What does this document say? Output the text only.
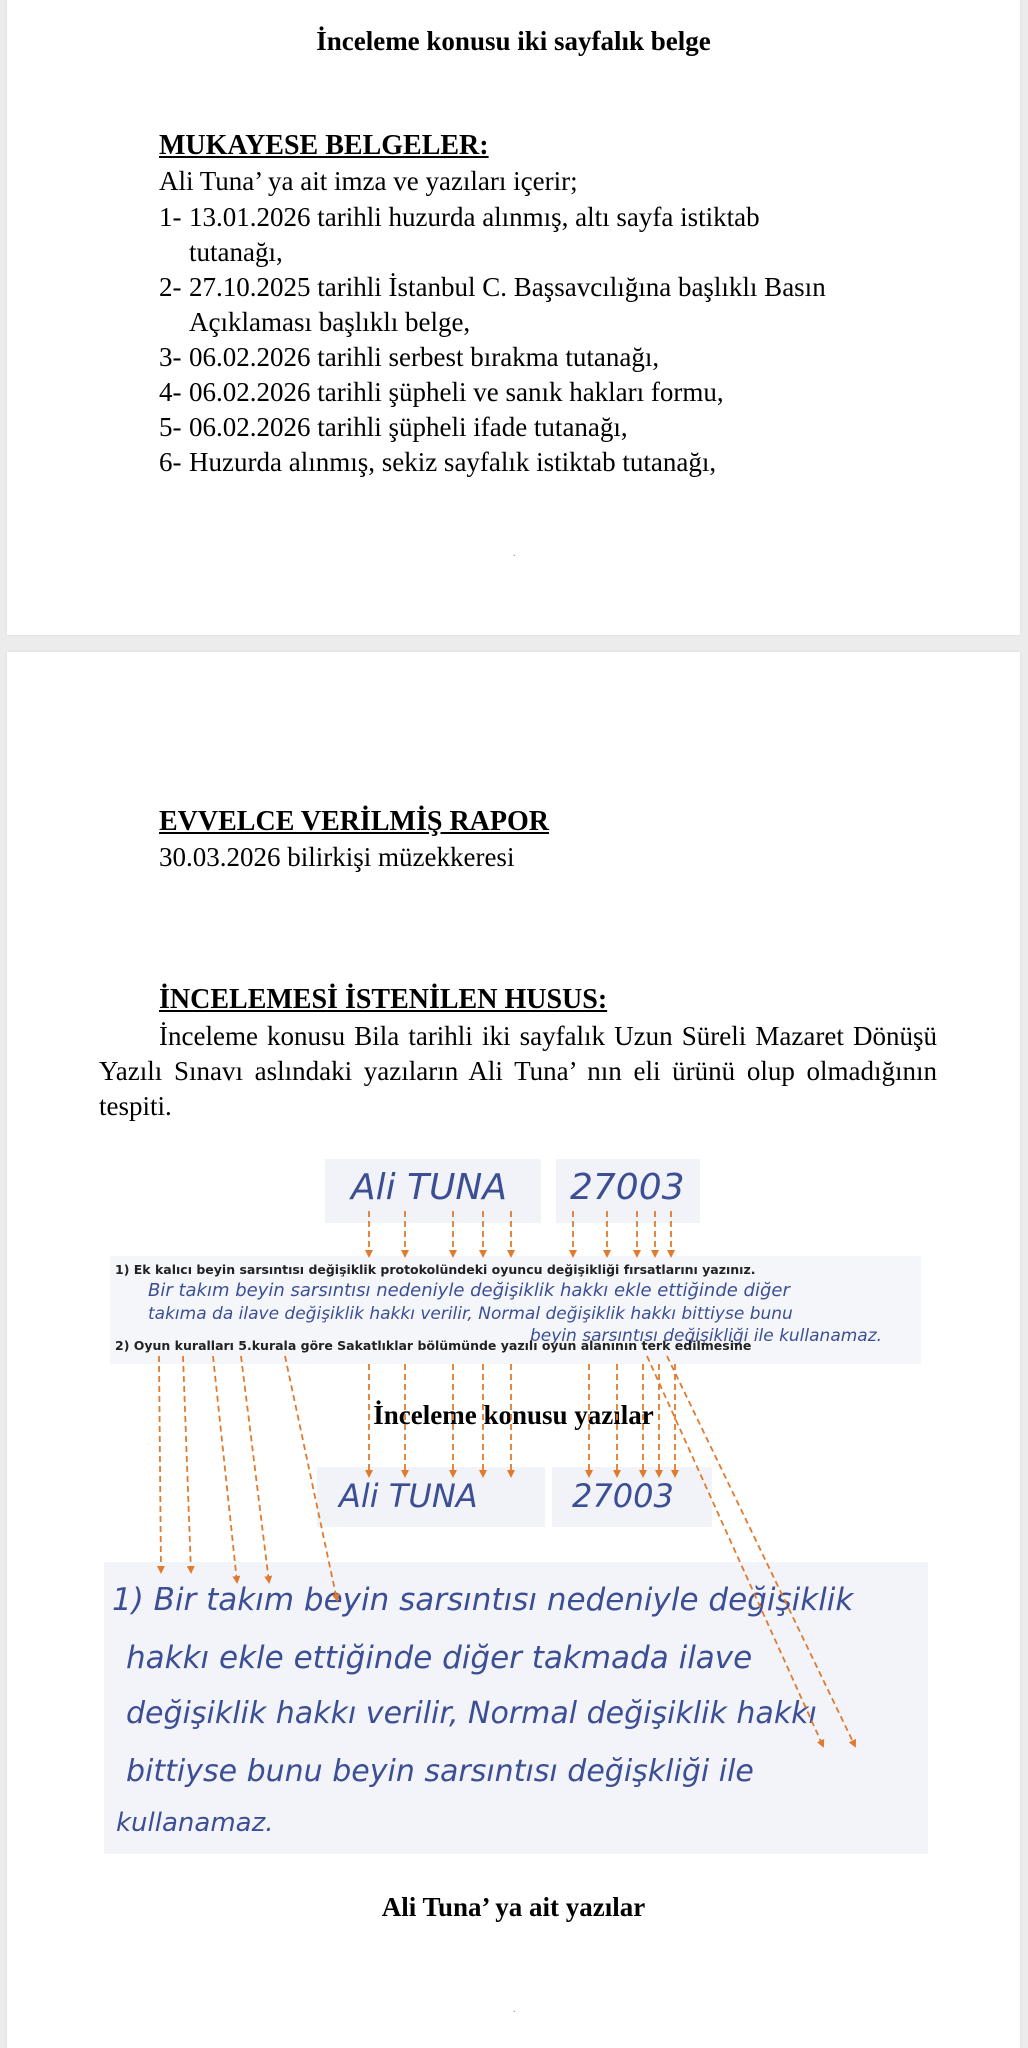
İnceleme konusu iki sayfalık belge
MUKAYESE BELGELER:
Ali Tuna’ ya ait imza ve yazıları içerir;
1- 13.01.2026 tarihli huzurda alınmış, altı sayfa istiktab
tutanağı,
2- 27.10.2025 tarihli İstanbul C. Başsavcılığına başlıklı Basın
Açıklaması başlıklı belge,
3- 06.02.2026 tarihli serbest bırakma tutanağı,
4- 06.02.2026 tarihli şüpheli ve sanık hakları formu,
5- 06.02.2026 tarihli şüpheli ifade tutanağı,
6- Huzurda alınmış, sekiz sayfalık istiktab tutanağı,
.
EVVELCE VERİLMİŞ RAPOR
30.03.2026 bilirkişi müzekkeresi
İNCELEMESİ İSTENİLEN HUSUS:
İnceleme konusu Bila tarihli iki sayfalık Uzun Süreli Mazaret Dönüşü Yazılı Sınavı aslındaki yazıların Ali Tuna’ nın eli ürünü olup olmadığının tespiti.
Ali TUNA 27003
1) Ek kalıcı beyin sarsıntısı değişiklik protokolündeki oyuncu değişikliği fırsatlarını yazınız.
Bir takım beyin sarsıntısı nedeniyle değişiklik hakkı ekle ettiğinde diğer
takıma da ilave değişiklik hakkı verilir, Normal değişiklik hakkı bittiyse bunu
beyin sarsıntısı değişikliği ile kullanamaz.
2) Oyun kuralları 5.kurala göre Sakatlıklar bölümünde yazılı oyun alanının terk edilmesine
İnceleme konusu yazılar
Ali TUNA	27003
1) Bir takım beyin sarsıntısı nedeniyle değişiklik
hakkı ekle ettiğinde diğer takmada ilave
değişiklik hakkı verilir, Normal değişiklik hakkı
bittiyse bunu beyin sarsıntısı değişkliği ile
kullanamaz.
Ali Tuna’ ya ait yazılar
.
